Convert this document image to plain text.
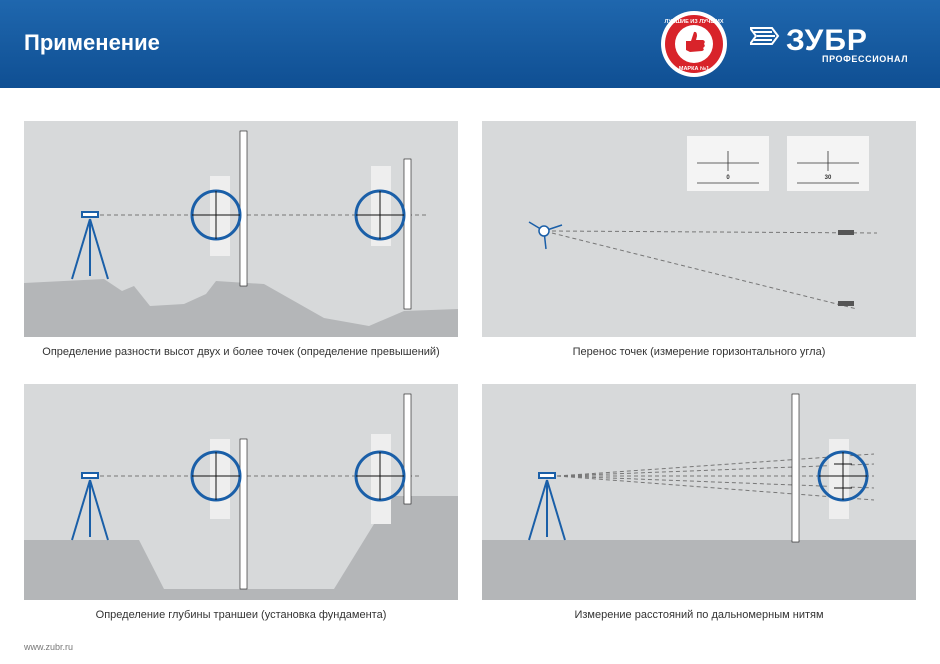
Применение
ЛУЧШИЕ ИЗ ЛУЧШИХ
МАРКА №1
ЗУБР
ПРОФЕССИОНАЛ
Определение разности высот двух и более точек (определение превышений)
0	30
Перенос точек (измерение горизонтального угла)
Определение глубины траншеи (установка фундамента)	Измерение расстояний по дальномерным нитям
www.zubr.ru
